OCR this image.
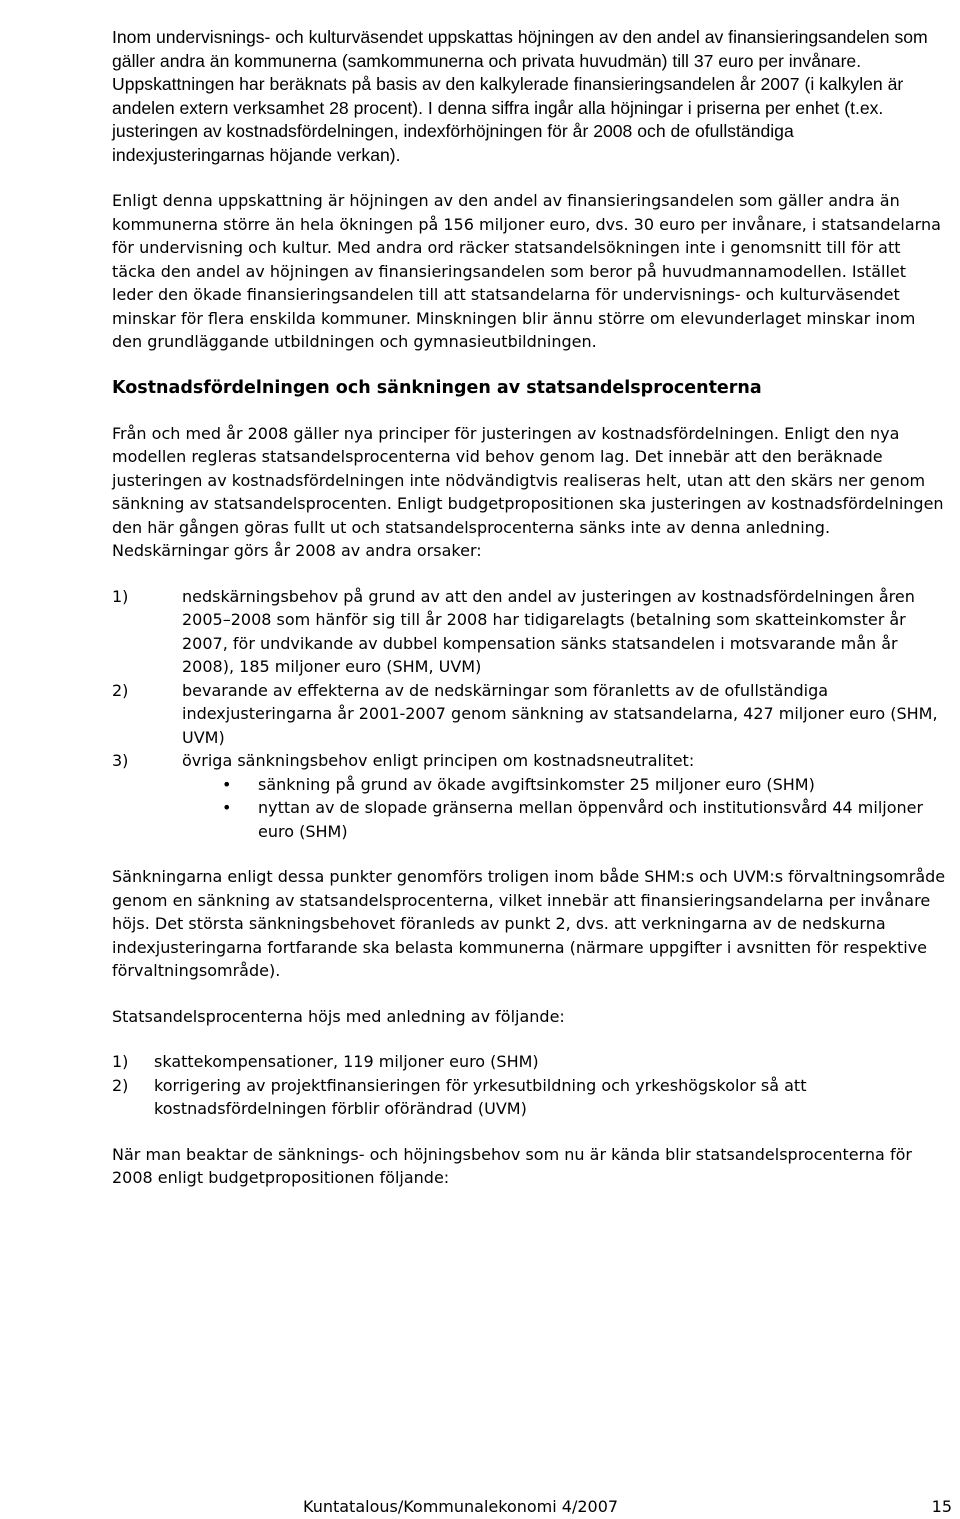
Inom undervisnings- och kulturväsendet uppskattas höjningen av den andel av finansieringsandelen som gäller andra än kommunerna (samkommunerna och privata huvudmän) till 37 euro per invånare. Uppskattningen har beräknats på basis av den kalkylerade finansieringsandelen år 2007 (i kalkylen är andelen extern verksamhet 28 procent). I denna siffra ingår alla höjningar i priserna per enhet (t.ex. justeringen av kostnadsfördelningen, indexförhöjningen för år 2008 och de ofullständiga indexjusteringarnas höjande verkan).

Enligt denna uppskattning är höjningen av den andel av finansieringsandelen som gäller andra än kommunerna större än hela ökningen på 156 miljoner euro, dvs. 30 euro per invånare, i statsandelarna för undervisning och kultur. Med andra ord räcker statsandelsökningen inte i genomsnitt till för att täcka den andel av höjningen av finansieringsandelen som beror på huvudmannamodellen. Istället leder den ökade finansieringsandelen till att statsandelarna för undervisnings- och kulturväsendet minskar för flera enskilda kommuner. Minskningen blir ännu större om elevunderlaget minskar inom den grundläggande utbildningen och gymnasieutbildningen.

Kostnadsfördelningen och sänkningen av statsandelsprocenterna

Från och med år 2008 gäller nya principer för justeringen av kostnadsfördelningen. Enligt den nya modellen regleras statsandelsprocenterna vid behov genom lag. Det innebär att den beräknade justeringen av kostnadsfördelningen inte nödvändigtvis realiseras helt, utan att den skärs ner genom sänkning av statsandelsprocenten. Enligt budgetpropositionen ska justeringen av kostnadsfördelningen den här gången göras fullt ut och statsandelsprocenterna sänks inte av denna anledning. Nedskärningar görs år 2008 av andra orsaker:

1)	nedskärningsbehov på grund av att den andel av justeringen av kostnadsfördelningen åren 2005–2008 som hänför sig till år 2008 har tidigarelagts (betalning som skatteinkomster år 2007, för undvikande av dubbel kompensation sänks statsandelen i motsvarande mån år 2008), 185 miljoner euro (SHM, UVM)
2)	bevarande av effekterna av de nedskärningar som föranletts av de ofullständiga indexjusteringarna år 2001-2007 genom sänkning av statsandelarna, 427 miljoner euro (SHM, UVM)
3)	övriga sänkningsbehov enligt principen om kostnadsneutralitet:
•	sänkning på grund av ökade avgiftsinkomster 25 miljoner euro (SHM)
•	nyttan av de slopade gränserna mellan öppenvård och institutionsvård 44 miljoner euro (SHM)

Sänkningarna enligt dessa punkter genomförs troligen inom både SHM:s och UVM:s förvaltningsområde genom en sänkning av statsandelsprocenterna, vilket innebär att finansieringsandelarna per invånare höjs. Det största sänkningsbehovet föranleds av punkt 2, dvs. att verkningarna av de nedskurna indexjusteringarna fortfarande ska belasta kommunerna (närmare uppgifter i avsnitten för respektive förvaltningsområde).

Statsandelsprocenterna höjs med anledning av följande:

1)	skattekompensationer, 119 miljoner euro (SHM)
2)	korrigering av projektfinansieringen för yrkesutbildning och yrkeshögskolor så att kostnadsfördelningen förblir oförändrad (UVM)

När man beaktar de sänknings- och höjningsbehov som nu är kända blir statsandelsprocenterna för 2008 enligt budgetpropositionen följande:

Kuntatalous/Kommunalekonomi 4/2007	15
